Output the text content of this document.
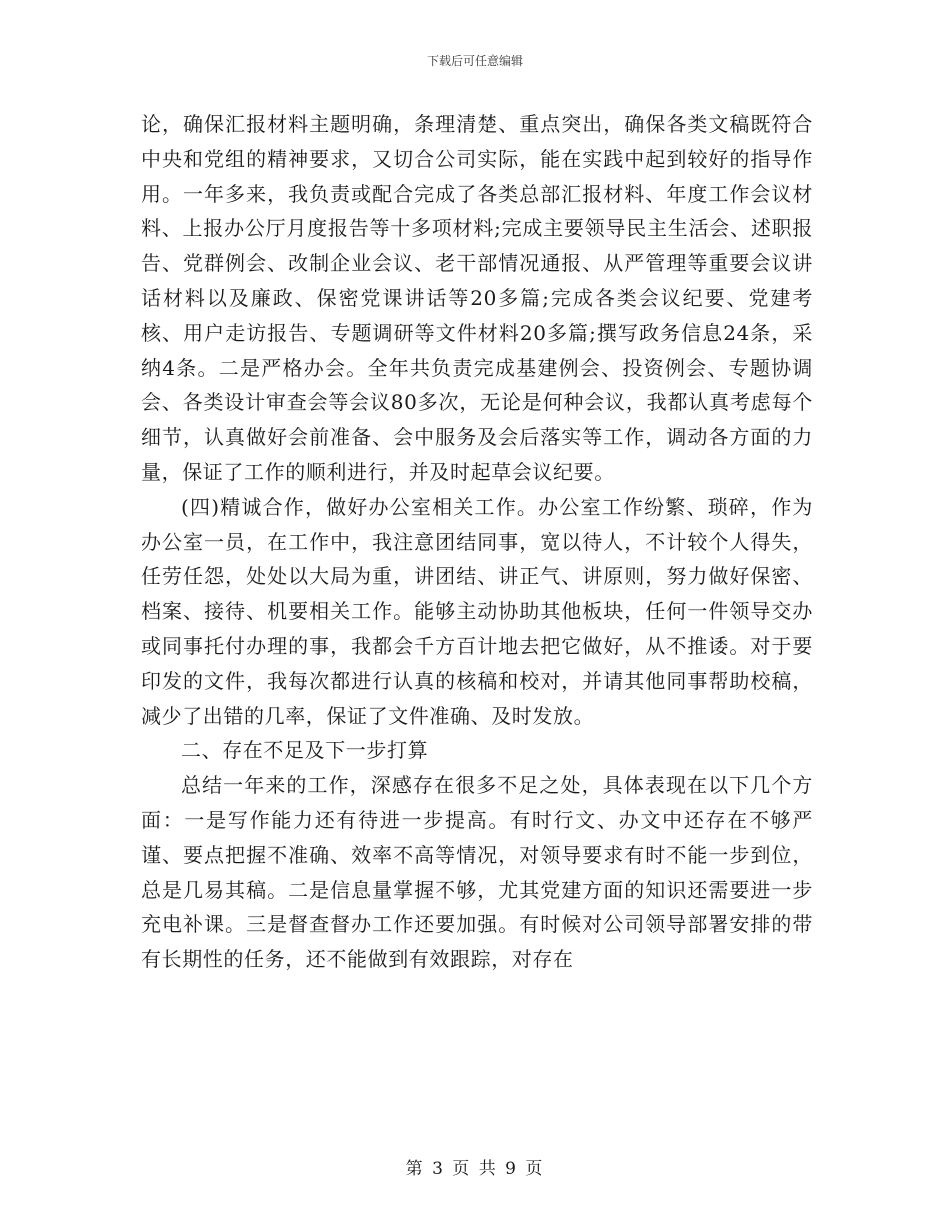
下载后可任意编辑

论，确保汇报材料主题明确，条理清楚、重点突出，确保各类文稿既符合中央和党组的精神要求，又切合公司实际，能在实践中起到较好的指导作用。一年多来，我负责或配合完成了各类总部汇报材料、年度工作会议材料、上报办公厅月度报告等十多项材料;完成主要领导民主生活会、述职报告、党群例会、改制企业会议、老干部情况通报、从严管理等重要会议讲话材料以及廉政、保密党课讲话等20多篇;完成各类会议纪要、党建考核、用户走访报告、专题调研等文件材料20多篇;撰写政务信息24条，采纳4条。二是严格办会。全年共负责完成基建例会、投资例会、专题协调会、各类设计审查会等会议80多次，无论是何种会议，我都认真考虑每个细节，认真做好会前准备、会中服务及会后落实等工作，调动各方面的力量，保证了工作的顺利进行，并及时起草会议纪要。

(四)精诚合作，做好办公室相关工作。办公室工作纷繁、琐碎，作为办公室一员，在工作中，我注意团结同事，宽以待人，不计较个人得失，任劳任怨，处处以大局为重，讲团结、讲正气、讲原则，努力做好保密、档案、接待、机要相关工作。能够主动协助其他板块，任何一件领导交办或同事托付办理的事，我都会千方百计地去把它做好，从不推诿。对于要印发的文件，我每次都进行认真的核稿和校对，并请其他同事帮助校稿，减少了出错的几率，保证了文件准确、及时发放。

二、存在不足及下一步打算

总结一年来的工作，深感存在很多不足之处，具体表现在以下几个方面：一是写作能力还有待进一步提高。有时行文、办文中还存在不够严谨、要点把握不准确、效率不高等情况，对领导要求有时不能一步到位，总是几易其稿。二是信息量掌握不够，尤其党建方面的知识还需要进一步充电补课。三是督查督办工作还要加强。有时候对公司领导部署安排的带有长期性的任务，还不能做到有效跟踪，对存在

第 3 页 共 9 页
